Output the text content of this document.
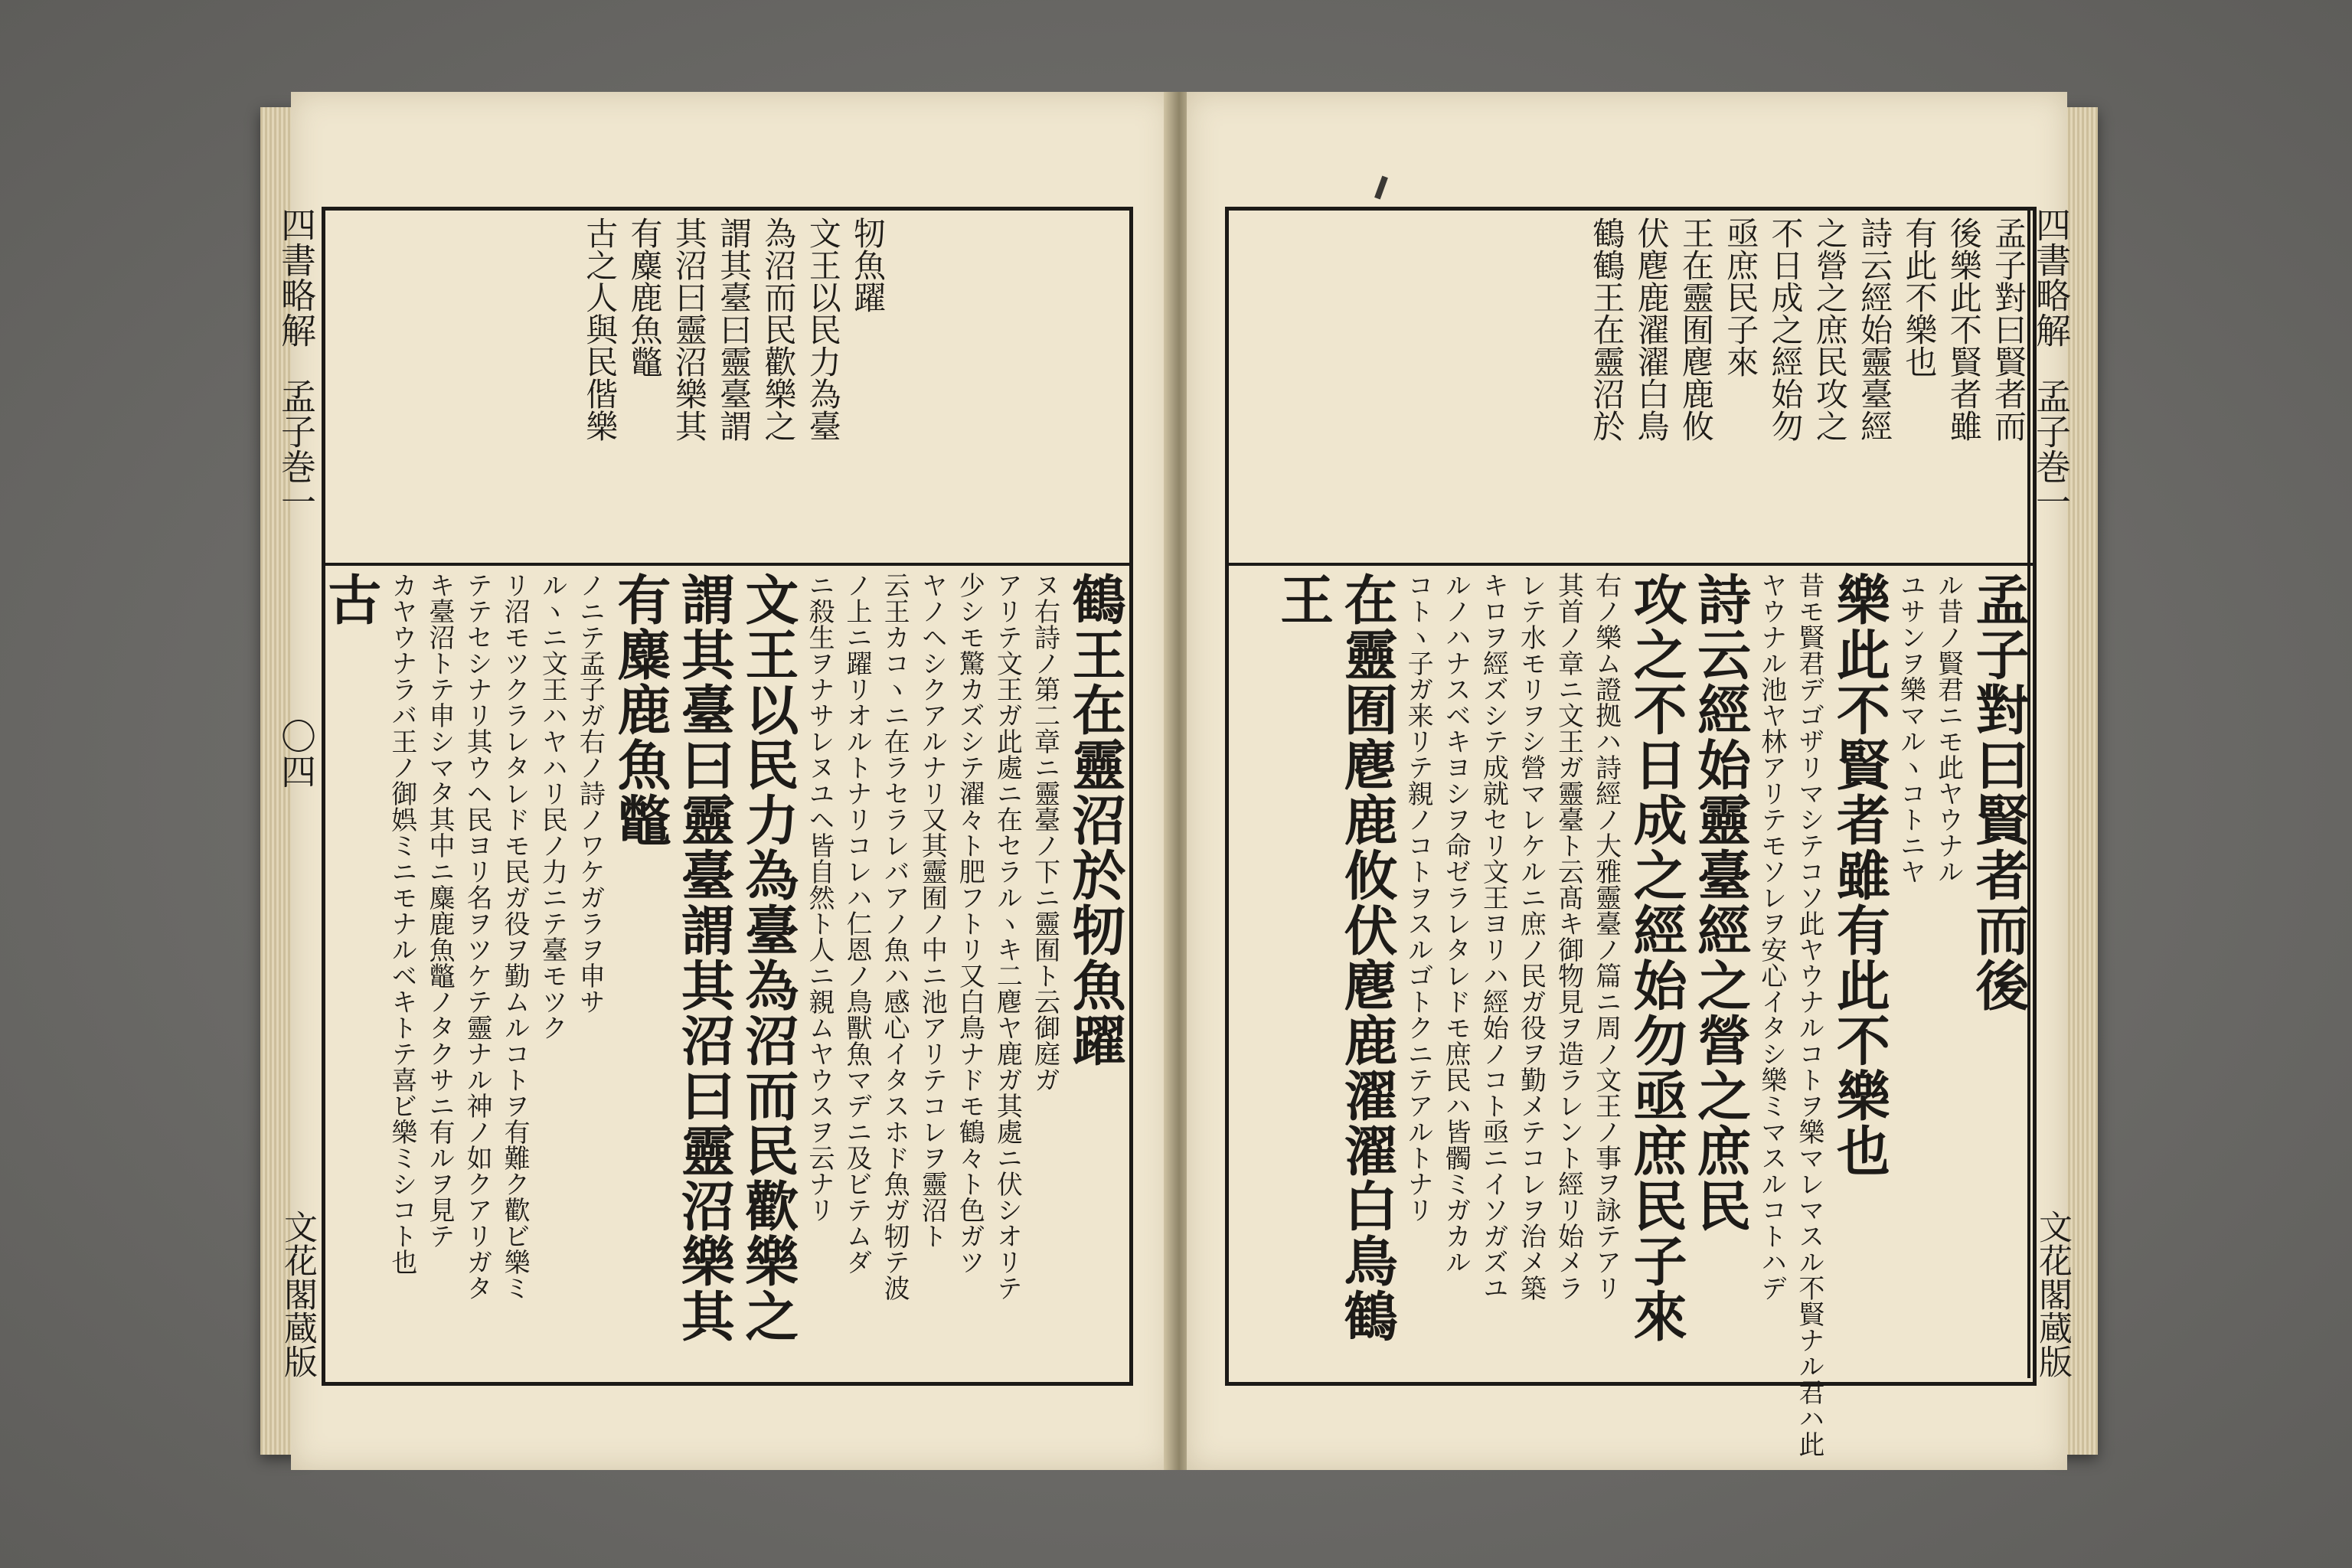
四書略解
孟子巻一
〇四
文花閣蔵版
牣魚躍
文王以民力為臺
為沼而民歡樂之
謂其臺曰靈臺謂
其沼曰靈沼樂其
有麋鹿魚鼈
古之人與民偕樂
鶴王在靈沼於牣魚躍
ヌ右詩ノ第二章ニ靈臺ノ下ニ靈囿ト云御庭ガ
アリテ文王ガ此處ニ在セラルヽキ二麀ヤ鹿ガ其處ニ伏シオリテ
少シモ驚カズシテ濯々ト肥フトリ又白鳥ナドモ鶴々ト色ガツ
ヤノヘシクアルナリ又其靈囿ノ中ニ池アリテコレヲ靈沼ト
云王カコヽニ在ラセラレバアノ魚ハ感心イタスホド魚ガ牣テ波
ノ上ニ躍リオルトナリコレハ仁恩ノ鳥獸魚マデニ及ビテムダ
ニ殺生ヲナサレヌユヘ皆自然ト人ニ親ムヤウスヲ云ナリ
文王以民力為臺為沼而民歡樂之
謂其臺曰靈臺謂其沼曰靈沼樂其
有麋鹿魚鼈
ノニテ孟子ガ右ノ詩ノワケガラヲ申サ
ルヽニ文王ハヤハリ民ノ力ニテ臺モツク
リ沼モツクラレタレドモ民ガ役ヲ勤ムルコトヲ有難ク歡ビ樂ミ
テテセシナリ其ウヘ民ヨリ名ヲツケテ靈ナル神ノ如クアリガタ
キ臺沼トテ申シマタ其中ニ麋鹿魚鼈ノタクサニ有ルヲ見テ
カヤウナラバ王ノ御娯ミニモナルベキトテ喜ビ樂ミシコト也
古
四書略解
孟子巻一
文花閣蔵版
孟子對曰賢者而
後樂此不賢者雖
有此不樂也
詩云經始靈臺經
之營之庶民攻之
不日成之經始勿
亟庶民子來
王在靈囿麀鹿攸
伏麀鹿濯濯白鳥
鶴鶴王在靈沼於
孟子對曰賢者而後
ル昔ノ賢君ニモ此ヤウナル
ユサンヲ樂マルヽコトニヤ
樂此不賢者雖有此不樂也
昔モ賢君デゴザリマシテコソ此ヤウナルコトヲ樂マレマスル不賢ナル君ハ此
ヤウナル池ヤ林アリテモソレヲ安心イタシ樂ミマスルコトハデ
詩云經始靈臺經之營之庶民
攻之不日成之經始勿亟庶民子來
右ノ樂ム證拠ハ詩經ノ大雅靈臺ノ篇ニ周ノ文王ノ事ヲ詠テアリ
其首ノ章ニ文王ガ靈臺ト云髙キ御物見ヲ造ラレント經リ始メラ
レテ水モリヲシ營マレケルニ庶ノ民ガ役ヲ勤メテコレヲ治メ築
キロヲ經ズシテ成就セリ文王ヨリハ經始ノコト亟ニイソガズユ
ルノハナスベキヨシヲ命ゼラレタレドモ庶民ハ皆髑ミガカル
コトヽ子ガ来リテ親ノコトヲスルゴトクニテアルトナリ
在靈囿麀鹿攸伏麀鹿濯濯白鳥鶴
王
